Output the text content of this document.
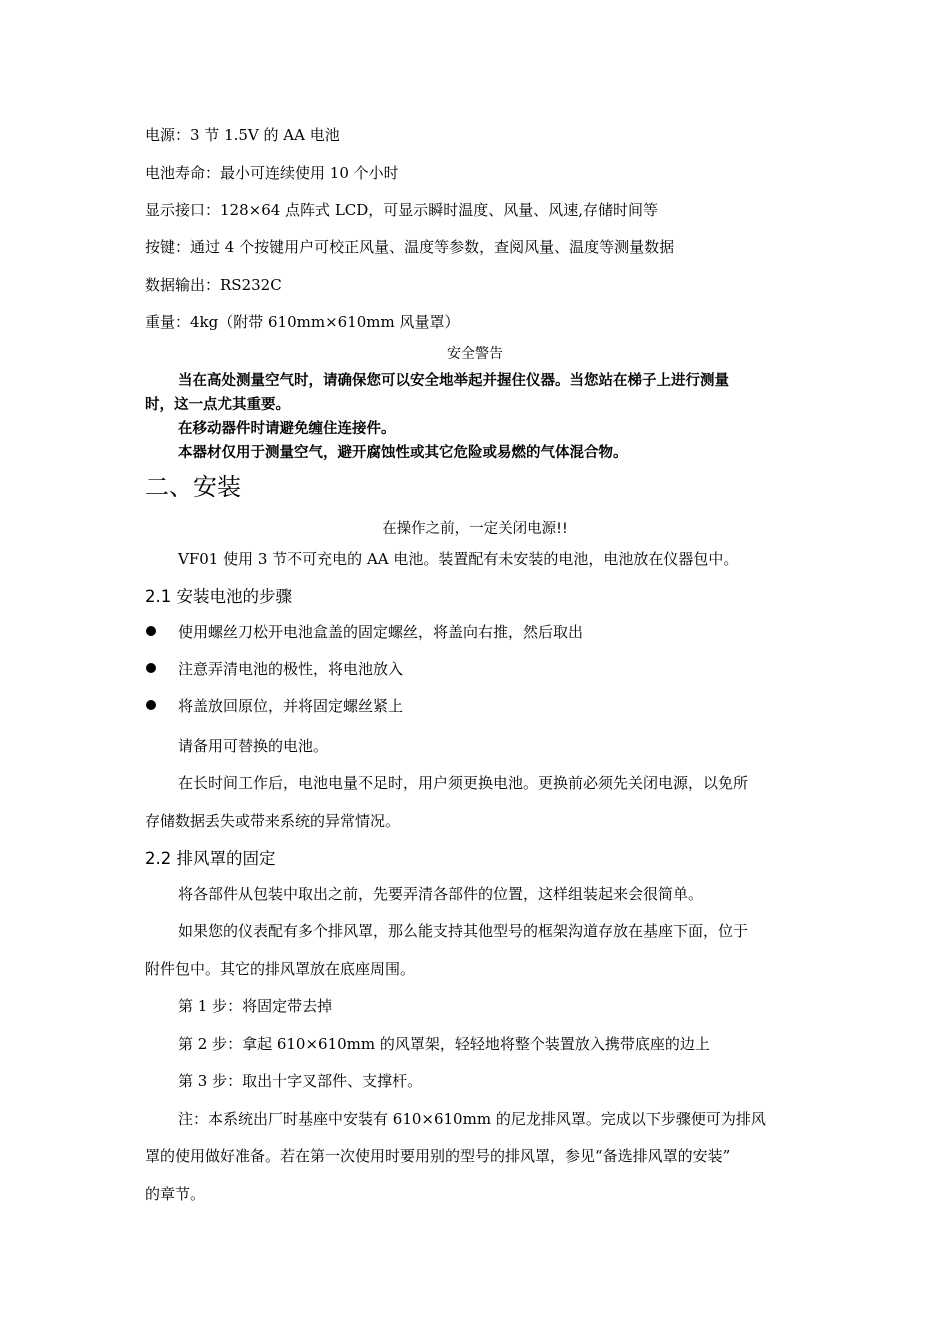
电源：3 节 1.5V 的 AA 电池
电池寿命：最小可连续使用 10 个小时
显示接口：128×64 点阵式 LCD，可显示瞬时温度、风量、风速,存储时间等
按键：通过 4 个按键用户可校正风量、温度等参数，查阅风量、温度等测量数据
数据输出：RS232C
重量：4kg（附带 610mm×610mm 风量罩）
安全警告
当在高处测量空气时，请确保您可以安全地举起并握住仪器。当您站在梯子上进行测量
时，这一点尤其重要。
在移动器件时请避免缠住连接件。
本器材仅用于测量空气，避开腐蚀性或其它危险或易燃的气体混合物。
二、安装
在操作之前，一定关闭电源!!
VF01 使用 3 节不可充电的 AA 电池。装置配有未安装的电池，电池放在仪器包中。
2.1 安装电池的步骤
使用螺丝刀松开电池盒盖的固定螺丝，将盖向右推，然后取出
注意弄清电池的极性，将电池放入
将盖放回原位，并将固定螺丝紧上
请备用可替换的电池。
在长时间工作后，电池电量不足时，用户须更换电池。更换前必须先关闭电源，以免所
存储数据丢失或带来系统的异常情况。
2.2 排风罩的固定
将各部件从包装中取出之前，先要弄清各部件的位置，这样组装起来会很简单。
如果您的仪表配有多个排风罩，那么能支持其他型号的框架沟道存放在基座下面，位于
附件包中。其它的排风罩放在底座周围。
第 1 步：将固定带去掉
第 2 步：拿起 610×610mm 的风罩架，轻轻地将整个装置放入携带底座的边上
第 3 步：取出十字叉部件、支撑杆。
注：本系统出厂时基座中安装有 610×610mm 的尼龙排风罩。完成以下步骤便可为排风
罩的使用做好准备。若在第一次使用时要用别的型号的排风罩，参见“备选排风罩的安装”
的章节。
